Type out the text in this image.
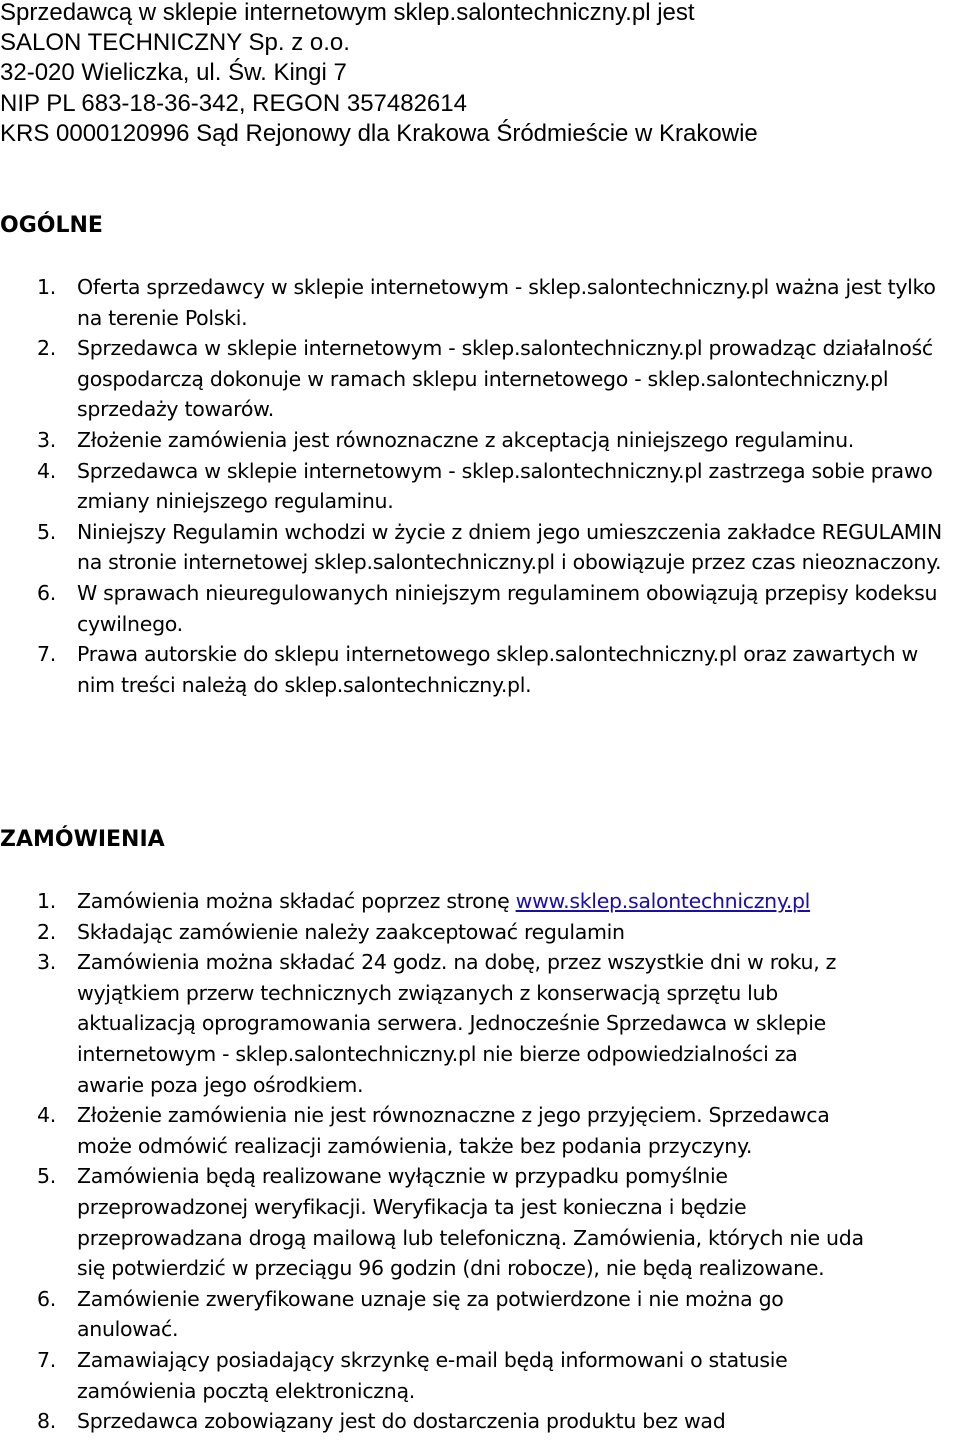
Sprzedawcą w sklepie internetowym sklep.salontechniczny.pl jest
SALON TECHNICZNY Sp. z o.o.
32-020 Wieliczka, ul. Św. Kingi 7
NIP PL 683-18-36-342, REGON 357482614
KRS 0000120996 Sąd Rejonowy dla Krakowa Śródmieście w Krakowie
OGÓLNE
1. Oferta sprzedawcy w sklepie internetowym - sklep.salontechniczny.pl ważna jest tylko na terenie Polski.
2. Sprzedawca w sklepie internetowym - sklep.salontechniczny.pl prowadząc działalność gospodarczą dokonuje w ramach sklepu internetowego - sklep.salontechniczny.pl sprzedaży towarów.
3. Złożenie zamówienia jest równoznaczne z akceptacją niniejszego regulaminu.
4. Sprzedawca w sklepie internetowym - sklep.salontechniczny.pl zastrzega sobie prawo zmiany niniejszego regulaminu.
5. Niniejszy Regulamin wchodzi w życie z dniem jego umieszczenia zakładce REGULAMIN na stronie internetowej sklep.salontechniczny.pl i obowiązuje przez czas nieoznaczony.
6. W sprawach nieuregulowanych niniejszym regulaminem obowiązują przepisy kodeksu cywilnego.
7. Prawa autorskie do sklepu internetowego sklep.salontechniczny.pl oraz zawartych w nim treści należą do sklep.salontechniczny.pl.
ZAMÓWIENIA
1. Zamówienia można składać poprzez stronę www.sklep.salontechniczny.pl
2. Składając zamówienie należy zaakceptować regulamin
3. Zamówienia można składać 24 godz. na dobę, przez wszystkie dni w roku, z
wyjątkiem przerw technicznych związanych z konserwacją sprzętu lub
aktualizacją oprogramowania serwera. Jednocześnie Sprzedawca w sklepie
internetowym - sklep.salontechniczny.pl nie bierze odpowiedzialności za
awarie poza jego ośrodkiem.
4. Złożenie zamówienia nie jest równoznaczne z jego przyjęciem. Sprzedawca
może odmówić realizacji zamówienia, także bez podania przyczyny.
5. Zamówienia będą realizowane wyłącznie w przypadku pomyślnie
przeprowadzonej weryfikacji. Weryfikacja ta jest konieczna i będzie
przeprowadzana drogą mailową lub telefoniczną. Zamówienia, których nie uda
się potwierdzić w przeciągu 96 godzin (dni robocze), nie będą realizowane.
6. Zamówienie zweryfikowane uznaje się za potwierdzone i nie można go
anulować.
7. Zamawiający posiadający skrzynkę e-mail będą informowani o statusie
zamówienia pocztą elektroniczną.
8. Sprzedawca zobowiązany jest do dostarczenia produktu bez wad
